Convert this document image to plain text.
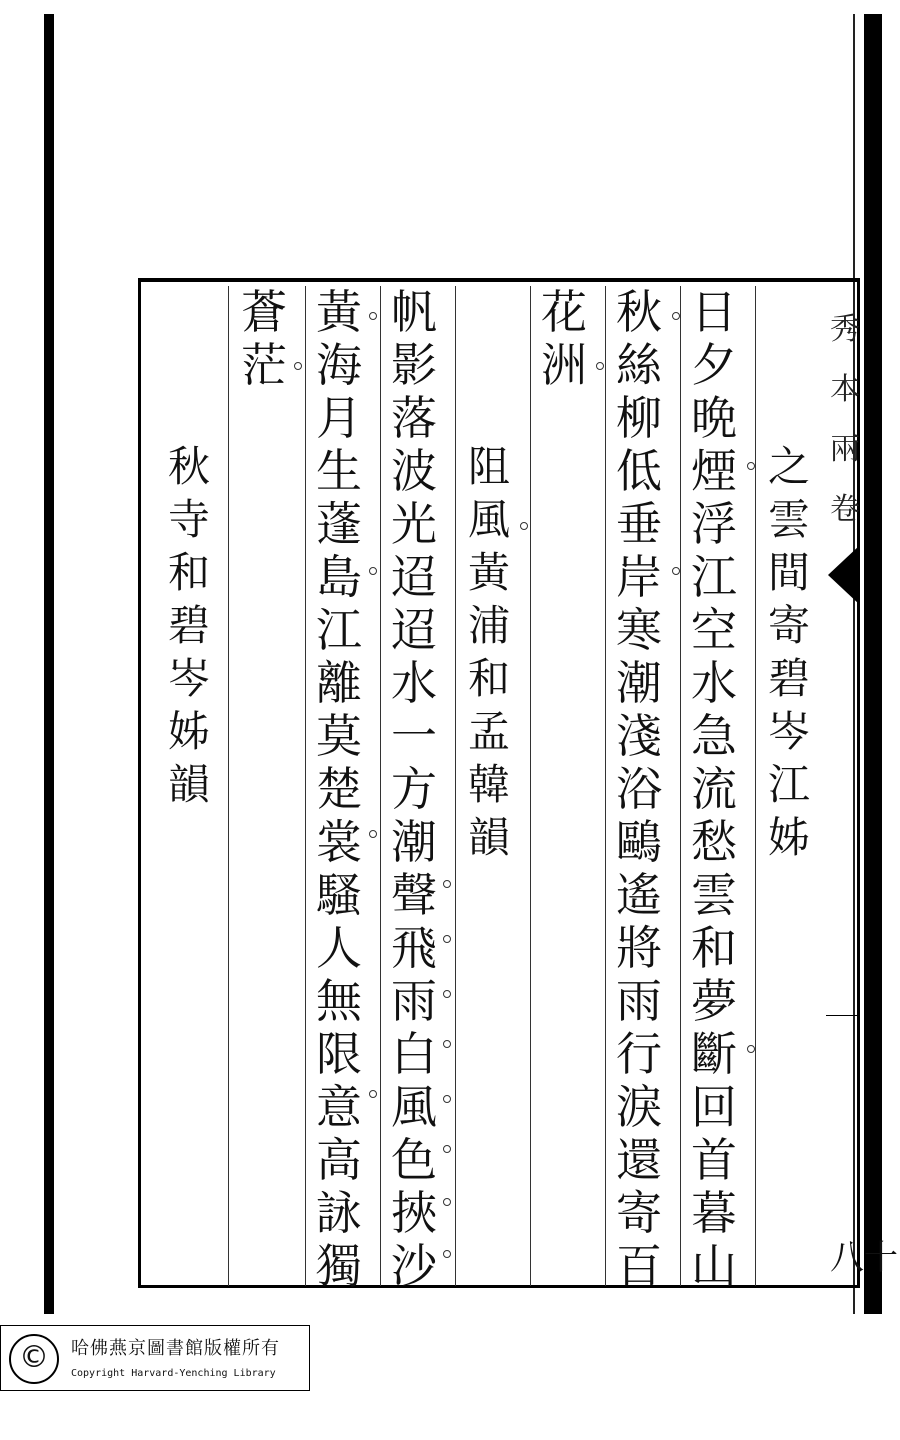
秀本兩卷
八十
之
雲
間
寄
碧
岑
江
姊
日
夕
晩
煙
浮
江
空
水
急
流
愁
雲
和
夢
斷
回
首
暮
山
秋
絲
柳
低
垂
岸
寒
潮
淺
浴
鷗
遙
將
雨
行
淚
還
寄
百
花
洲
阻
風
黃
浦
和
孟
韓
韻
帆
影
落
波
光
迢
迢
水
一
方
潮
聲
飛
雨
白
風
色
挾
沙
黃
海
月
生
蓬
島
江
離
莫
楚
裳
騷
人
無
限
意
高
詠
獨
蒼
茫
秋
寺
和
碧
岑
姊
韻
©	哈佛燕京圖書館版權所有
Copyright Harvard-Yenching Library
